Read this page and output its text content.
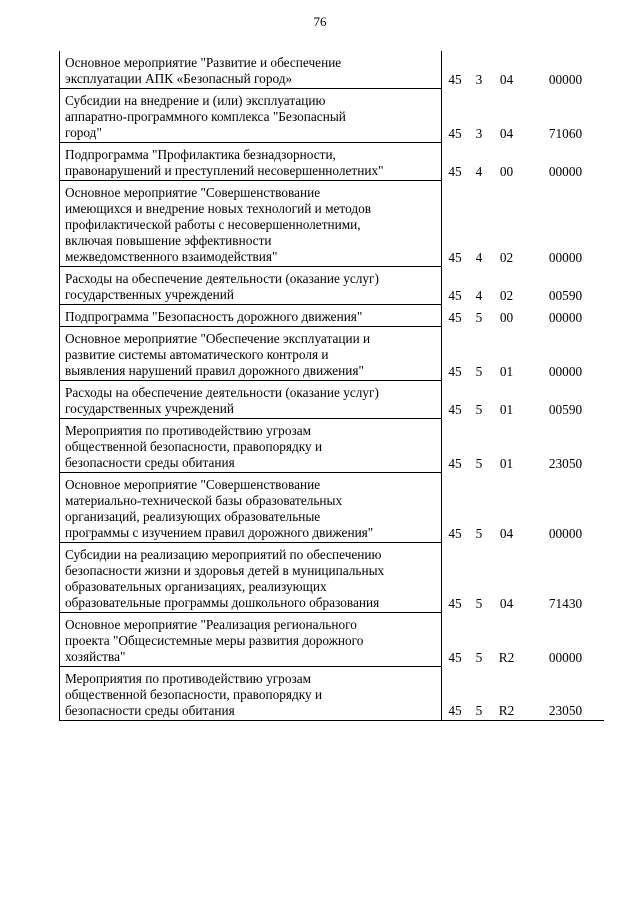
76
Основное мероприятие "Развитие и обеспечение
эксплуатации АПК «Безопасный город»	45	3	04	00000
Субсидии на внедрение и (или) эксплуатацию
аппаратно-программного комплекса "Безопасный
город"	45	3	04	71060
Подпрограмма "Профилактика безнадзорности,
правонарушений и преступлений несовершеннолетних"	45	4	00	00000
Основное мероприятие "Совершенствование
имеющихся и внедрение новых технологий и методов
профилактической работы с несовершеннолетними,
включая повышение эффективности
межведомственного взаимодействия"	45	4	02	00000
Расходы на обеспечение деятельности (оказание услуг)
государственных учреждений	45	4	02	00590
Подпрограмма "Безопасность дорожного движения"	45	5	00	00000
Основное мероприятие "Обеспечение эксплуатации и
развитие системы автоматического контроля и
выявления нарушений правил дорожного движения"	45	5	01	00000
Расходы на обеспечение деятельности (оказание услуг)
государственных учреждений	45	5	01	00590
Мероприятия по противодействию угрозам
общественной безопасности, правопорядку и
безопасности среды обитания	45	5	01	23050
Основное мероприятие "Совершенствование
материально-технической базы образовательных
организаций, реализующих образовательные
программы с изучением правил дорожного движения"	45	5	04	00000
Субсидии на реализацию мероприятий по обеспечению
безопасности жизни и здоровья детей в муниципальных
образовательных организациях, реализующих
образовательные программы дошкольного образования	45	5	04	71430
Основное мероприятие "Реализация регионального
проекта "Общесистемные меры развития дорожного
хозяйства"	45	5	R2	00000
Мероприятия по противодействию угрозам
общественной безопасности, правопорядку и
безопасности среды обитания	45	5	R2	23050
